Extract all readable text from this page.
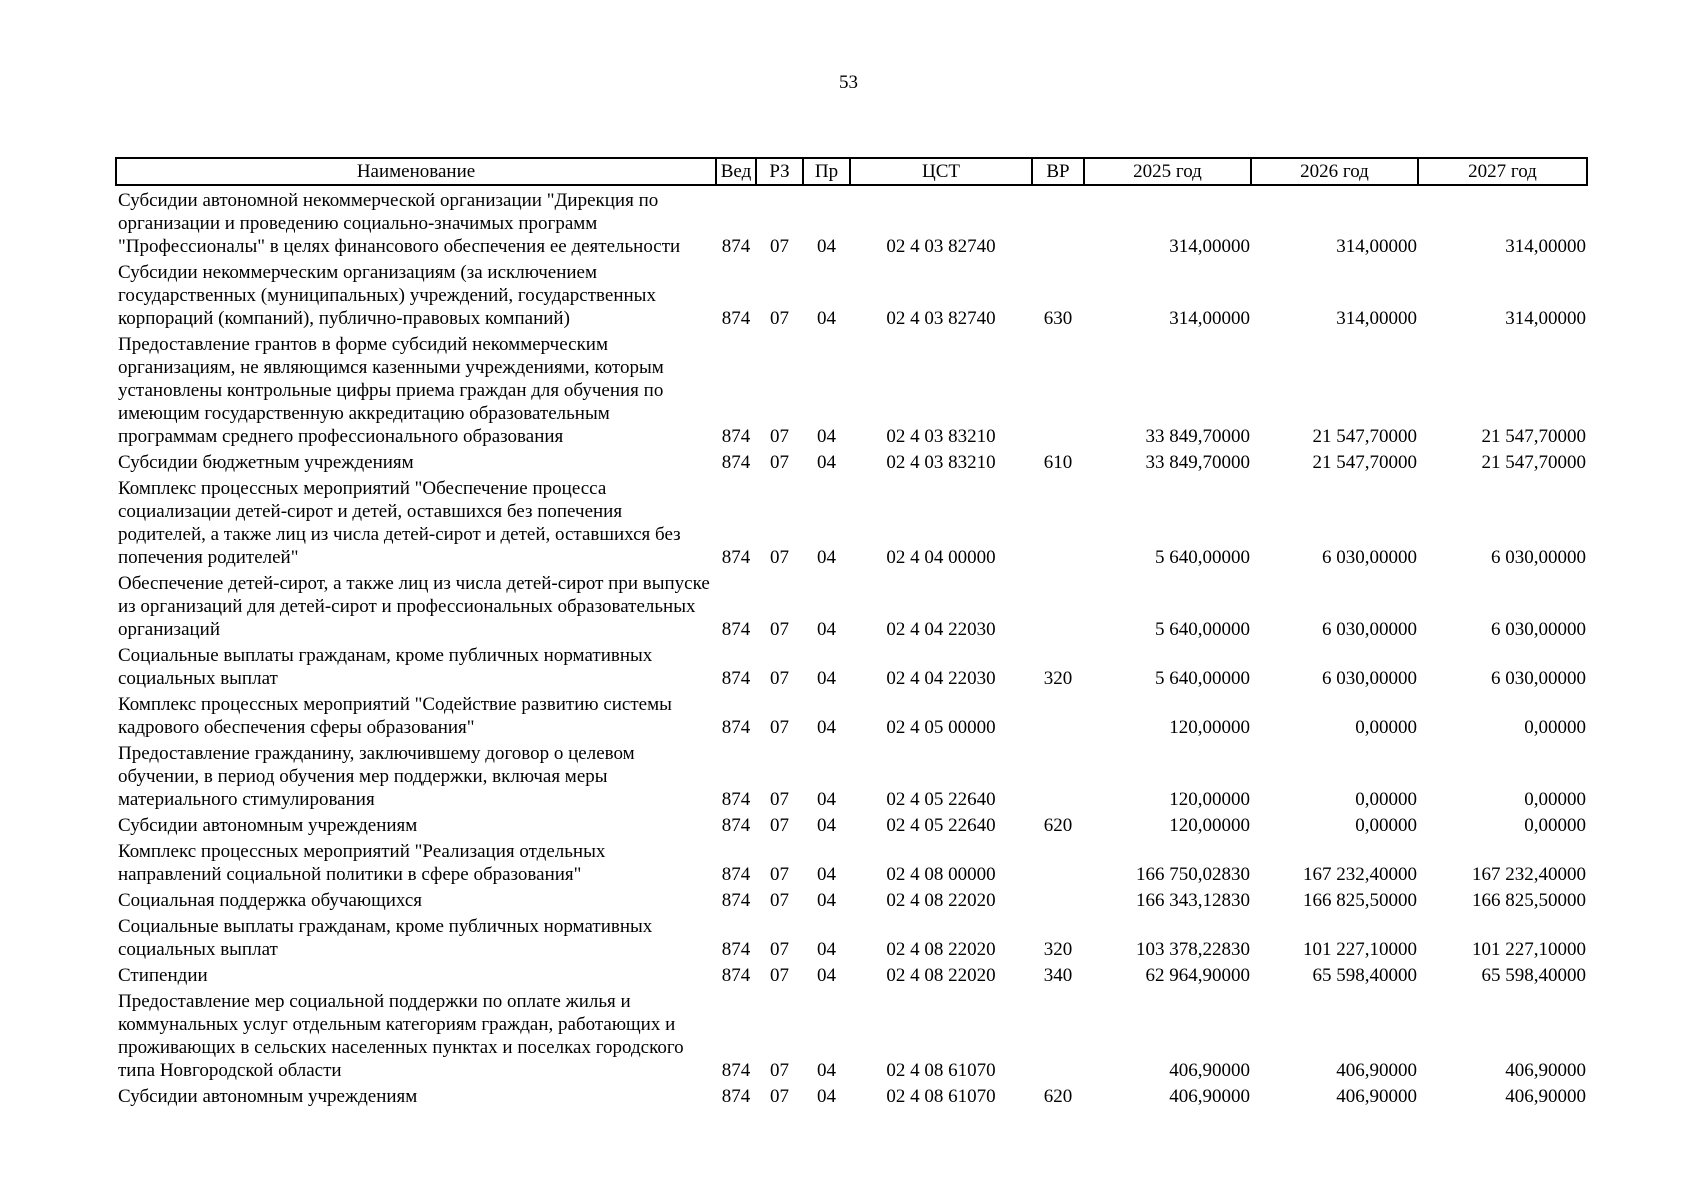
53
Наименование	Вед	РЗ	Пр	ЦСТ	ВР	2025 год	2026 год	2027 год
Субсидии автономной некоммерческой организации "Дирекция по организации и проведению социально-значимых программ "Профессионалы" в целях финансового обеспечения ее деятельности	874	07	04	02 4 03 82740		314,00000	314,00000	314,00000
Субсидии некоммерческим организациям (за исключением государственных (муниципальных) учреждений, государственных корпораций (компаний), публично-правовых компаний)	874	07	04	02 4 03 82740	630	314,00000	314,00000	314,00000
Предоставление грантов в форме субсидий некоммерческим организациям, не являющимся казенными учреждениями, которым установлены контрольные цифры приема граждан для обучения по имеющим государственную аккредитацию образовательным программам среднего профессионального образования	874	07	04	02 4 03 83210		33 849,70000	21 547,70000	21 547,70000
Субсидии бюджетным учреждениям	874	07	04	02 4 03 83210	610	33 849,70000	21 547,70000	21 547,70000
Комплекс процессных мероприятий "Обеспечение процесса социализации детей-сирот и детей, оставшихся без попечения родителей, а также лиц из числа детей-сирот и детей, оставшихся без попечения родителей"	874	07	04	02 4 04 00000		5 640,00000	6 030,00000	6 030,00000
Обеспечение детей-сирот, а также лиц из числа детей-сирот при выпуске из организаций для детей-сирот и профессиональных образовательных организаций	874	07	04	02 4 04 22030		5 640,00000	6 030,00000	6 030,00000
Социальные выплаты гражданам, кроме публичных нормативных социальных выплат	874	07	04	02 4 04 22030	320	5 640,00000	6 030,00000	6 030,00000
Комплекс процессных мероприятий "Содействие развитию системы кадрового обеспечения сферы образования"	874	07	04	02 4 05 00000		120,00000	0,00000	0,00000
Предоставление гражданину, заключившему договор о целевом обучении, в период обучения мер поддержки, включая меры материального стимулирования	874	07	04	02 4 05 22640		120,00000	0,00000	0,00000
Субсидии автономным учреждениям	874	07	04	02 4 05 22640	620	120,00000	0,00000	0,00000
Комплекс процессных мероприятий "Реализация отдельных направлений социальной политики в сфере образования"	874	07	04	02 4 08 00000		166 750,02830	167 232,40000	167 232,40000
Социальная поддержка обучающихся	874	07	04	02 4 08 22020		166 343,12830	166 825,50000	166 825,50000
Социальные выплаты гражданам, кроме публичных нормативных социальных выплат	874	07	04	02 4 08 22020	320	103 378,22830	101 227,10000	101 227,10000
Стипендии	874	07	04	02 4 08 22020	340	62 964,90000	65 598,40000	65 598,40000
Предоставление мер социальной поддержки по оплате жилья и коммунальных услуг отдельным категориям граждан, работающих и проживающих в сельских населенных пунктах и поселках городского типа Новгородской области	874	07	04	02 4 08 61070		406,90000	406,90000	406,90000
Субсидии автономным учреждениям	874	07	04	02 4 08 61070	620	406,90000	406,90000	406,90000
